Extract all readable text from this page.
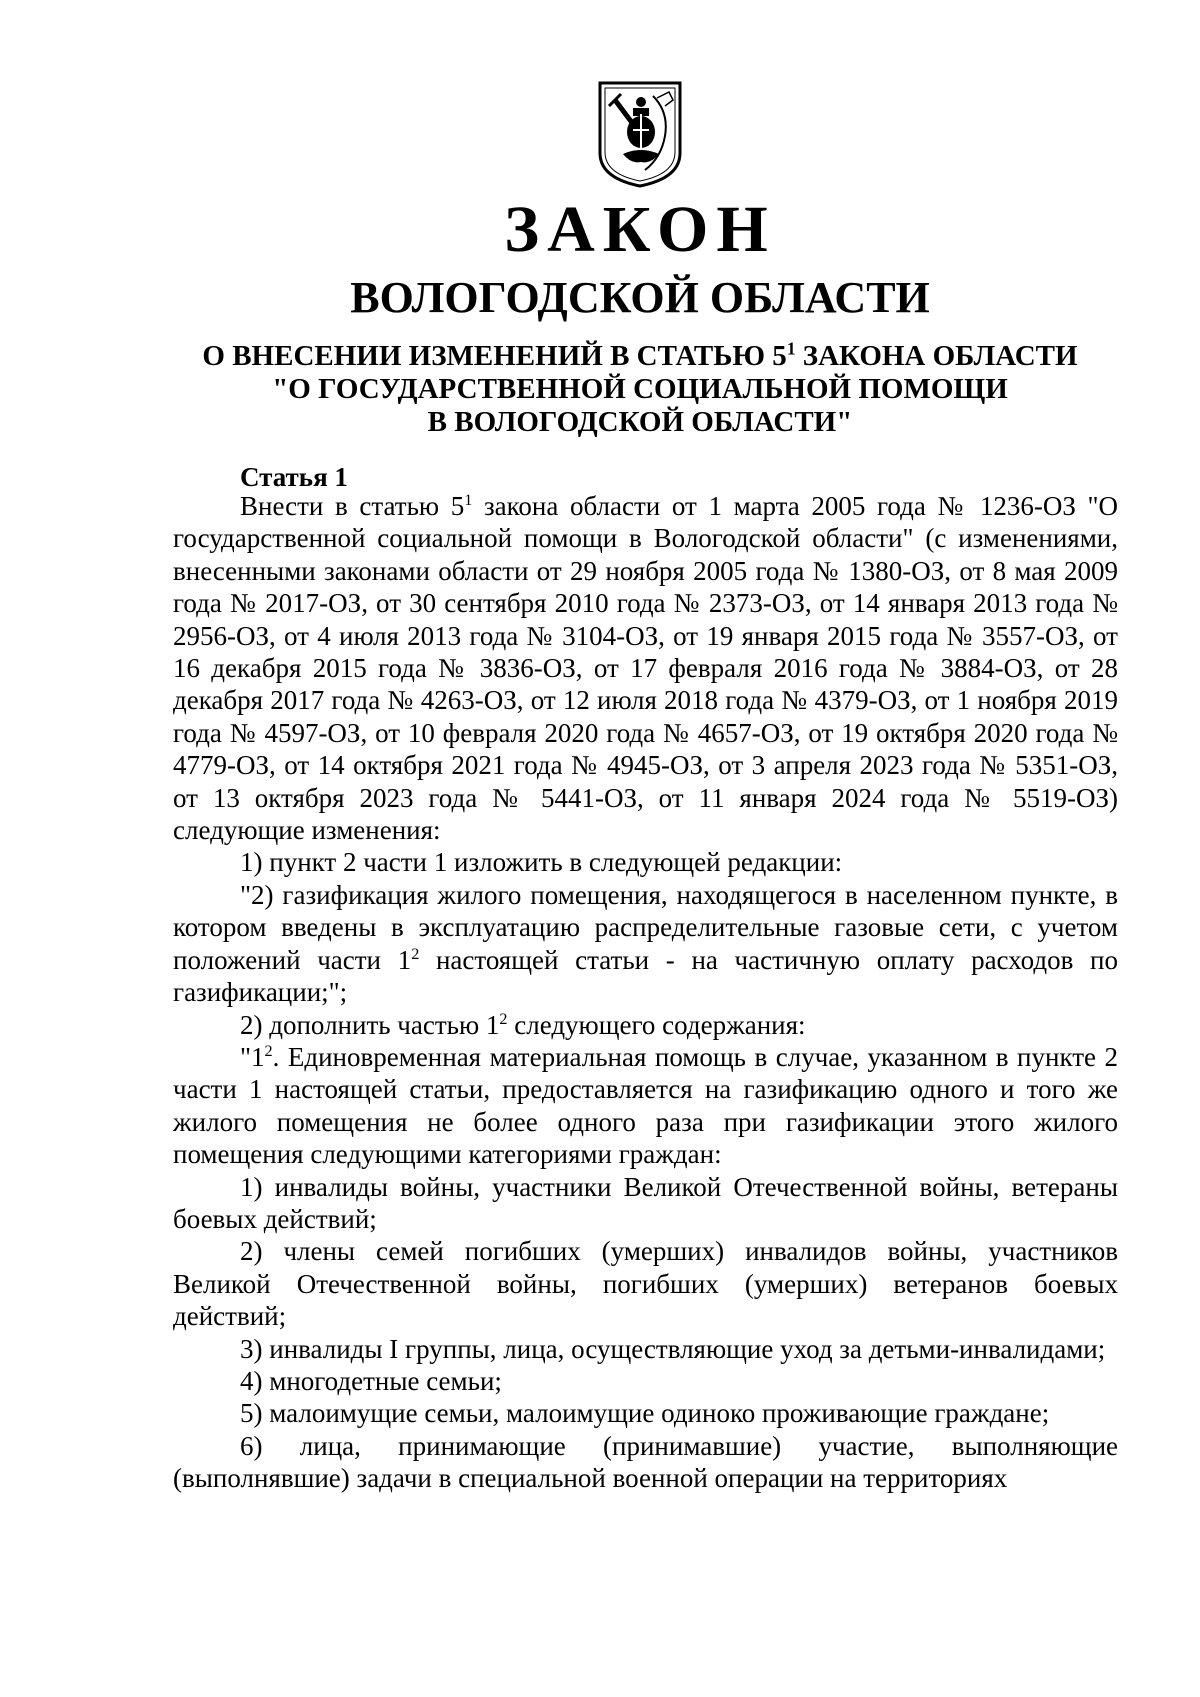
ЗАКОН
ВОЛОГОДСКОЙ ОБЛАСТИ
О ВНЕСЕНИИ ИЗМЕНЕНИЙ В СТАТЬЮ $5^1$ ЗАКОНА ОБЛАСТИ
"О ГОСУДАРСТВЕННОЙ СОЦИАЛЬНОЙ ПОМОЩИ
В ВОЛОГОДСКОЙ ОБЛАСТИ"
Статья 1

Внести в статью $5^1$ закона области от 1 марта 2005 года № 1236-ОЗ "О государственной социальной помощи в Вологодской области" (с изменениями, внесенными законами области от 29 ноября 2005 года № 1380-ОЗ, от 8 мая 2009 года № 2017-ОЗ, от 30 сентября 2010 года № 2373-ОЗ, от 14 января 2013 года № 2956-ОЗ, от 4 июля 2013 года № 3104-ОЗ, от 19 января 2015 года № 3557-ОЗ, от 16 декабря 2015 года № 3836-ОЗ, от 17 февраля 2016 года № 3884-ОЗ, от 28 декабря 2017 года № 4263-ОЗ, от 12 июля 2018 года № 4379-ОЗ, от 1 ноября 2019 года № 4597-ОЗ, от 10 февраля 2020 года № 4657-ОЗ, от 19 октября 2020 года № 4779-ОЗ, от 14 октября 2021 года № 4945-ОЗ, от 3 апреля 2023 года № 5351-ОЗ, от 13 октября 2023 года № 5441-ОЗ, от 11 января 2024 года № 5519-ОЗ) следующие изменения:

1) пункт 2 части 1 изложить в следующей редакции:

"2) газификация жилого помещения, находящегося в населенном пункте, в котором введены в эксплуатацию распределительные газовые сети, с учетом положений части $1^2$ настоящей статьи - на частичную оплату расходов по газификации;";

2) дополнить частью $1^2$ следующего содержания:

"$1^2$. Единовременная материальная помощь в случае, указанном в пункте 2 части 1 настоящей статьи, предоставляется на газификацию одного и того же жилого помещения не более одного раза при газификации этого жилого помещения следующими категориями граждан:

1) инвалиды войны, участники Великой Отечественной войны, ветераны боевых действий;

2) члены семей погибших (умерших) инвалидов войны, участников Великой Отечественной войны, погибших (умерших) ветеранов боевых действий;

3) инвалиды I группы, лица, осуществляющие уход за детьми-инвалидами;

4) многодетные семьи;

5) малоимущие семьи, малоимущие одиноко проживающие граждане;

6) лица, принимающие (принимавшие) участие, выполняющие (выполнявшие) задачи в специальной военной операции на территориях
